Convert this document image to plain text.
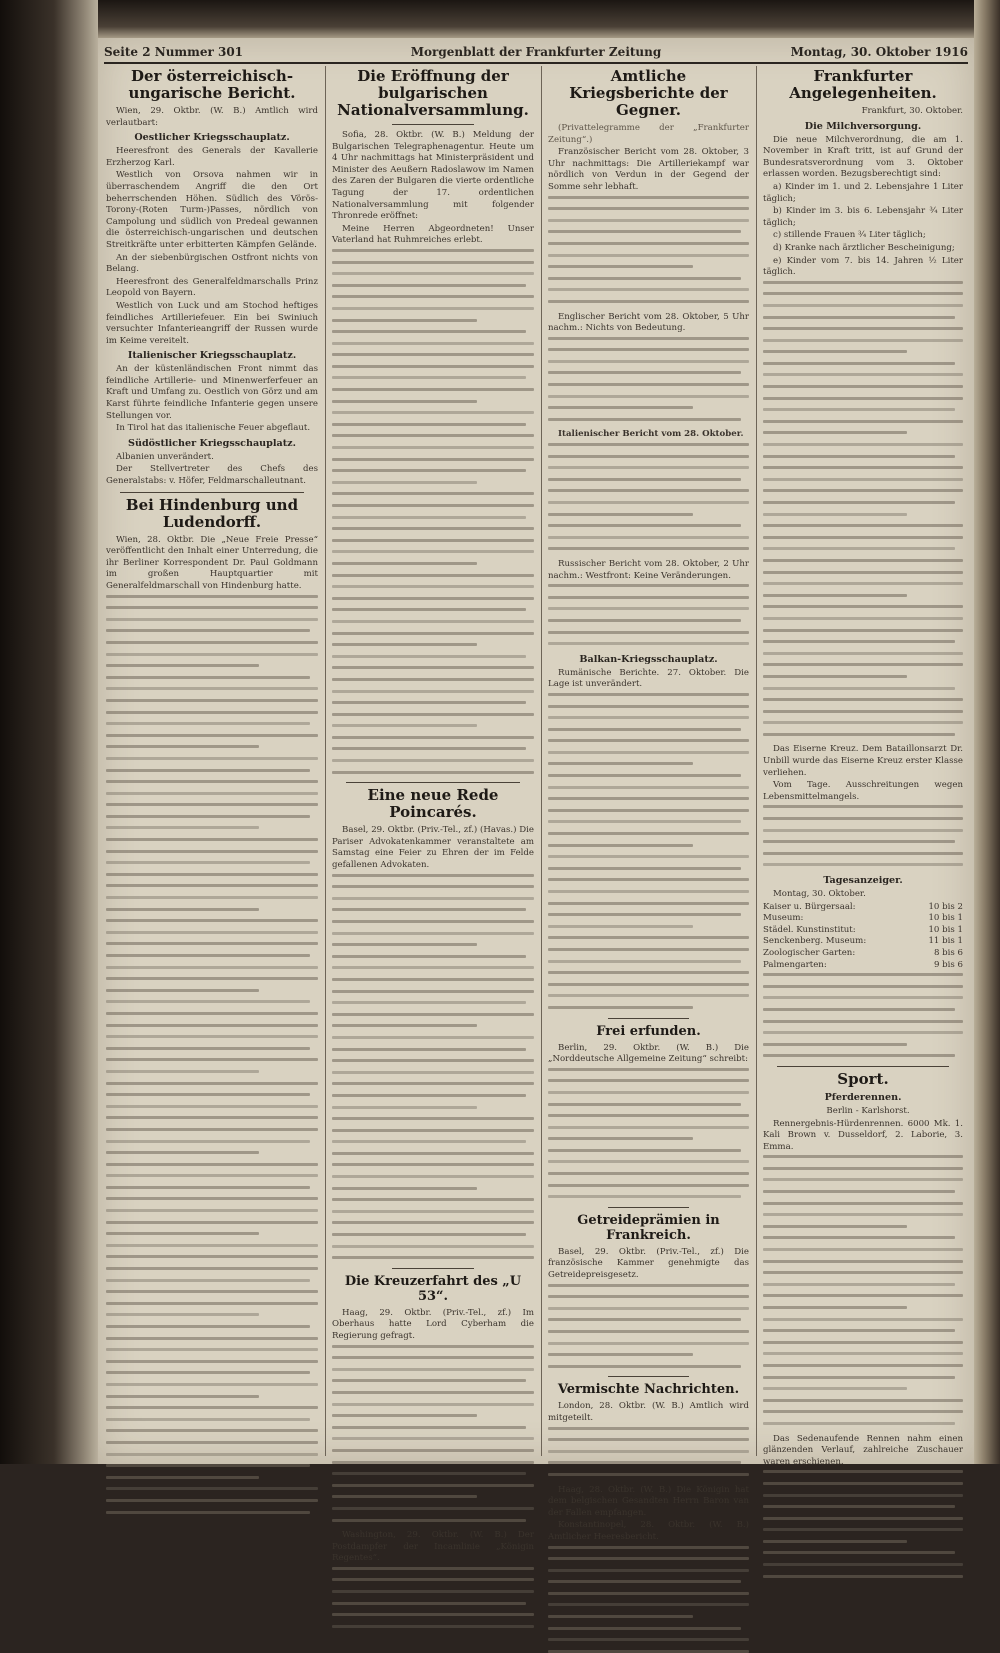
Seite 2 Nummer 301	Morgenblatt der Frankfurter Zeitung	Montag, 30. Oktober 1916
Der österreichisch-ungarische Bericht.
Wien, 29. Oktbr. (W. B.) Amtlich wird verlautbart:
Oestlicher Kriegsschauplatz.
Heeresfront des Generals der Kavallerie Erzherzog Karl.
Westlich von Orsova nahmen wir in überraschendem Angriff die den Ort beherrschenden Höhen. Südlich des Vörös-Torony-(Roten Turm-)Passes, nördlich von Campolung und südlich von Predeal gewannen die österreichisch-ungarischen und deutschen Streitkräfte unter erbitterten Kämpfen Gelände.
An der siebenbürgischen Ostfront nichts von Belang.
Heeresfront des Generalfeldmarschalls Prinz Leopold von Bayern.
Westlich von Luck und am Stochod heftiges feindliches Artilleriefeuer. Ein bei Swiniuch versuchter Infanterieangriff der Russen wurde im Keime vereitelt.
Italienischer Kriegsschauplatz.
An der küstenländischen Front nimmt das feindliche Artillerie- und Minenwerferfeuer an Kraft und Umfang zu. Oestlich von Görz und am Karst führte feindliche Infanterie gegen unsere Stellungen vor.
In Tirol hat das italienische Feuer abgeflaut.
Südöstlicher Kriegsschauplatz.
Albanien unverändert.
Der Stellvertreter des Chefs des Generalstabs: v. Höfer, Feldmarschalleutnant.
Bei Hindenburg und Ludendorff.
Wien, 28. Oktbr. Die „Neue Freie Presse“ veröffentlicht den Inhalt einer Unterredung, die ihr Berliner Korrespondent Dr. Paul Goldmann im großen Hauptquartier mit Generalfeldmarschall von Hindenburg hatte.
Die Eröffnung der bulgarischen Nationalversammlung.
Sofia, 28. Oktbr. (W. B.) Meldung der Bulgarischen Telegraphenagentur. Heute um 4 Uhr nachmittags hat Ministerpräsident und Minister des Aeußern Radoslawow im Namen des Zaren der Bulgaren die vierte ordentliche Tagung der 17. ordentlichen Nationalversammlung mit folgender Thronrede eröffnet:
Meine Herren Abgeordneten! Unser Vaterland hat Ruhmreiches erlebt.
Eine neue Rede Poincarés.
Basel, 29. Oktbr. (Priv.-Tel., zf.) (Havas.) Die Pariser Advokatenkammer veranstaltete am Samstag eine Feier zu Ehren der im Felde gefallenen Advokaten.
Die Kreuzerfahrt des „U 53“.
Haag, 29. Oktbr. (Priv.-Tel., zf.) Im Oberhaus hatte Lord Cyberham die Regierung gefragt.
Washington, 29. Oktbr. (W. B.) Der Postdampfer der Incamlinie „Königin Regentes“.
Amtliche Kriegsberichte der Gegner.
(Privattelegramme der „Frankfurter Zeitung“.)
Französischer Bericht vom 28. Oktober, 3 Uhr nachmittags: Die Artilleriekampf war nördlich von Verdun in der Gegend der Somme sehr lebhaft.
Englischer Bericht vom 28. Oktober, 5 Uhr nachm.: Nichts von Bedeutung.
Italienischer Bericht vom 28. Oktober.
Russischer Bericht vom 28. Oktober, 2 Uhr nachm.: Westfront: Keine Veränderungen.
Balkan-Kriegsschauplatz.
Rumänische Berichte. 27. Oktober. Die Lage ist unverändert.
Frei erfunden.
Berlin, 29. Oktbr. (W. B.) Die „Norddeutsche Allgemeine Zeitung“ schreibt:
Getreideprämien in Frankreich.
Basel, 29. Oktbr. (Priv.-Tel., zf.) Die französische Kammer genehmigte das Getreidepreisgesetz.
Vermischte Nachrichten.
London, 28. Oktbr. (W. B.) Amtlich wird mitgeteilt.
Haag, 28. Oktbr. (W. B.) Die Königin hat dem belgischen Gesandten Herrn Baron van der Fallen empfangen.
Konstantinopel, 28. Oktbr. (W. B.) Amtlicher Heeresbericht.
Frankfurter Angelegenheiten.
Frankfurt, 30. Oktober.
Die Milchversorgung.
Die neue Milchverordnung, die am 1. November in Kraft tritt, ist auf Grund der Bundesratsverordnung vom 3. Oktober erlassen worden. Bezugsberechtigt sind:
a) Kinder im 1. und 2. Lebensjahre 1 Liter täglich;
b) Kinder im 3. bis 6. Lebensjahr ¾ Liter täglich;
c) stillende Frauen ¾ Liter täglich;
d) Kranke nach ärztlicher Bescheinigung;
e) Kinder vom 7. bis 14. Jahren ½ Liter täglich.
Das Eiserne Kreuz. Dem Bataillonsarzt Dr. Unbill wurde das Eiserne Kreuz erster Klasse verliehen.
Vom Tage. Ausschreitungen wegen Lebensmittelmangels.
Tagesanzeiger.
Montag, 30. Oktober.
Kaiser u. Bürgersaal:	10 bis 2
Museum:	10 bis 1
Städel. Kunstinstitut:	10 bis 1
Senckenberg. Museum:	11 bis 1
Zoologischer Garten:	8 bis 6
Palmengarten:	9 bis 6
Sport.
Pferderennen.
Berlin - Karlshorst.
Rennergebnis-Hürdenrennen. 6000 Mk. 1. Kali Brown v. Dusseldorf, 2. Laborie, 3. Emma.
Das Sedenaufende Rennen nahm einen glänzenden Verlauf, zahlreiche Zuschauer waren erschienen.
